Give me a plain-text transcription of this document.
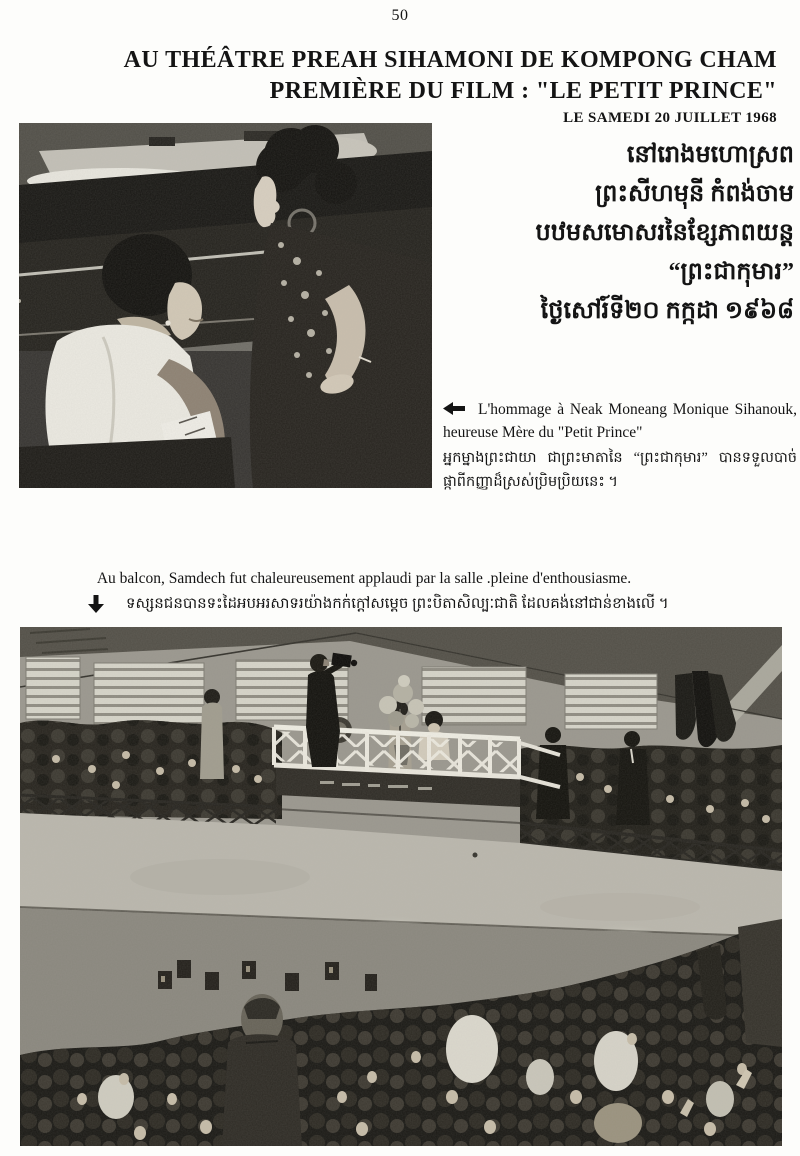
50
AU THÉÂTRE PREAH SIHAMONI DE KOMPONG CHAM
PREMIÈRE DU FILM : "LE PETIT PRINCE"
LE SAMEDI 20 JUILLET 1968
នៅរោងមហោស្រព
ព្រះសីហមុនី កំពង់ចាម
បឋមសមោសរនៃខ្សែភាពយន្ត
“ព្រះជាកុមារ”
ថ្ងៃសៅរ៍ទី២០ កក្កដា ១៩៦៨

L'hommage à Neak Moneang Monique Sihanouk, heureuse Mère du "Petit Prince"

អ្នកម្នាងព្រះជាយា ជាព្រះមាតានៃ “ព្រះជាកុមារ” បានទទួលបាច់ផ្កាពីកញ្ញាដ៏ស្រស់ប្រិមប្រិយនេះ ។

Au balcon, Samdech fut chaleureusement applaudi par la salle .pleine d'enthousiasme.

ទស្សនជនបានទះដៃអបអរសាទរយ៉ាងកក់ក្តៅសម្តេច ព្រះបិតាសិល្បៈជាតិ ដែលគង់នៅជាន់ខាងលើ ។
